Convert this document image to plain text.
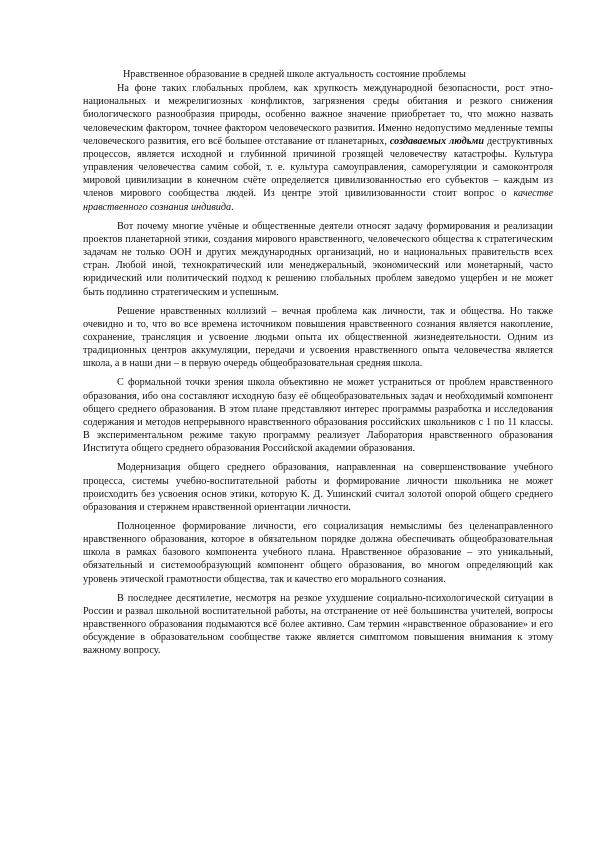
Нравственное образование в средней школе актуальность состояние проблемы

На фоне таких глобальных проблем, как хрупкость международной безопасности, рост этно-национальных и межрелигиозных конфликтов, загрязнения среды обитания и резкого снижения биологического разнообразия природы, особенно важное значение приобретает то, что можно назвать человеческим фактором, точнее фактором человеческого развития. Именно недопустимо медленные темпы человеческого развития, его всё большее отставание от планетарных, создаваемых людьми деструктивных процессов, является исходной и глубинной причиной грозящей человечеству катастрофы. Культура управления человечества самим собой, т. е. культура самоуправления, саморегуляции и самоконтроля мировой цивилизации в конечном счёте определяется цивилизованностью его субъектов – каждым из членов мирового сообщества людей. Из центре этой цивилизованности стоит вопрос о качестве нравственного сознания индивида.

Вот почему многие учёные и общественные деятели относят задачу формирования и реализации проектов планетарной этики, создания мирового нравственного, человеческого общества к стратегическим задачам не только ООН и других международных организаций, но и национальных правительств всех стран. Любой иной, технократический или менеджеральный, экономический или монетарный, часто юридический или политический подход к решению глобальных проблем заведомо ущербен и не может быть подлинно стратегическим и успешным.

Решение нравственных коллизий – вечная проблема как личности, так и общества. Но также очевидно и то, что во все времена источником повышения нравственного сознания является накопление, сохранение, трансляция и усвоение людьми опыта их общественной жизнедеятельности. Одним из традиционных центров аккумуляции, передачи и усвоения нравственного опыта человечества является школа, а в наши дни – в первую очередь общеобразовательная средняя школа.

С формальной точки зрения школа объективно не может устраниться от проблем нравственного образования, ибо она составляют исходную базу её общеобразовательных задач и необходимый компонент общего среднего образования. В этом плане представляют интерес программы разработка и исследования содержания и методов непрерывного нравственного образования российских школьников с 1 по 11 классы. В экспериментальном режиме такую программу реализует Лаборатория нравственного образования Института общего среднего образования Российской академии образования.

Модернизация общего среднего образования, направленная на совершенствование учебного процесса, системы учебно-воспитательной работы и формирование личности школьника не может происходить без усвоения основ этики, которую К. Д. Ушинский считал золотой опорой общего среднего образования и стержнем нравственной ориентации личности.

Полноценное формирование личности, его социализация немыслимы без целенаправленного нравственного образования, которое в обязательном порядке должна обеспечивать общеобразовательная школа в рамках базового компонента учебного плана. Нравственное образование – это уникальный, обязательный и системообразующий компонент общего образования, во многом определяющий как уровень этической грамотности общества, так и качество его морального сознания.

В последнее десятилетие, несмотря на резкое ухудшение социально-психологической ситуации в России и развал школьной воспитательной работы, на отстранение от неё большинства учителей, вопросы нравственного образования подымаются всё более активно. Сам термин «нравственное образование» и его обсуждение в образовательном сообществе также является симптомом повышения внимания к этому важному вопросу.
